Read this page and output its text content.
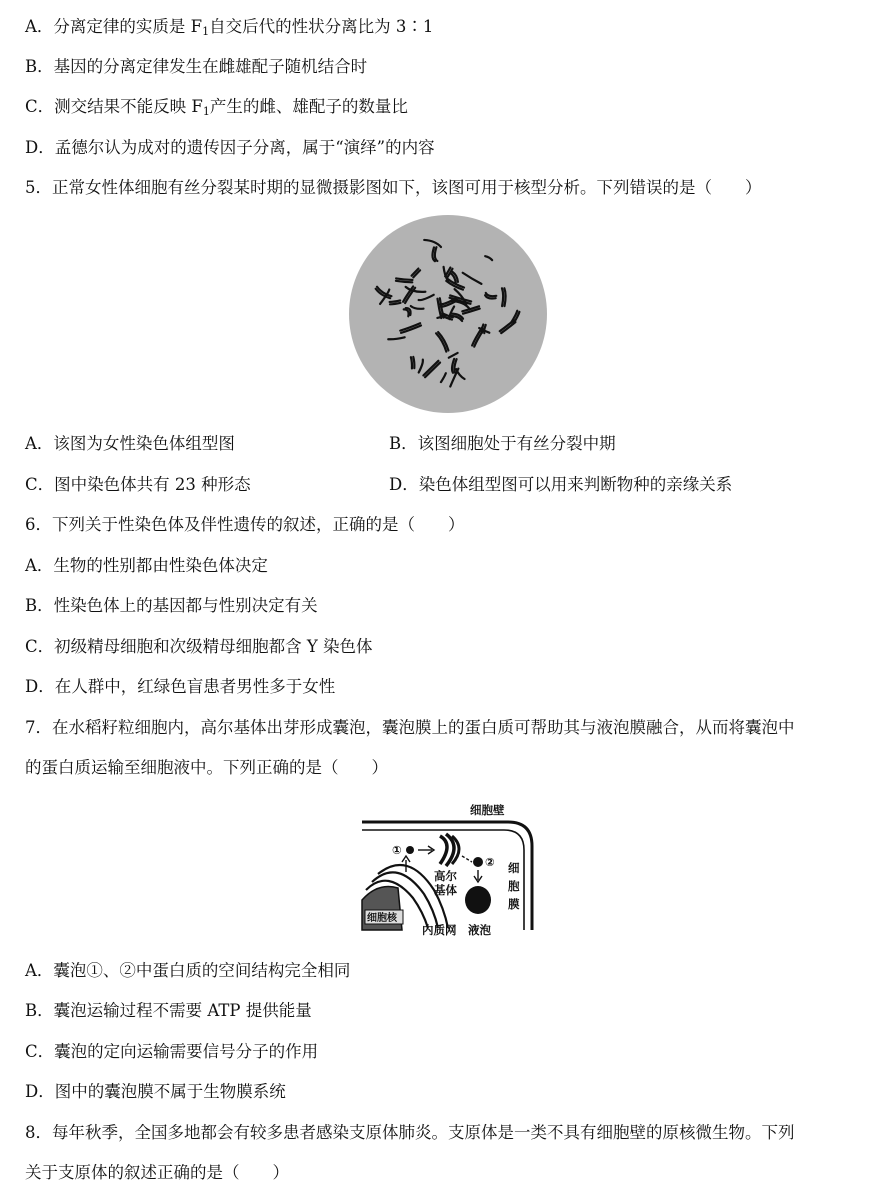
A．分离定律的实质是 $F_1$自交后代的性状分离比为 3∶1
B．基因的分离定律发生在雌雄配子随机结合时
C．测交结果不能反映 $F_1$产生的雌、雄配子的数量比
D．孟德尔认为成对的遗传因子分离，属于“演绎”的内容
5．正常女性体细胞有丝分裂某时期的显微摄影图如下，该图可用于核型分析。下列错误的是（　　）
A．该图为女性染色体组型图	B．该图细胞处于有丝分裂中期
C．图中染色体共有 23 种形态	D．染色体组型图可以用来判断物种的亲缘关系
6．下列关于性染色体及伴性遗传的叙述，正确的是（　　）
A．生物的性别都由性染色体决定
B．性染色体上的基因都与性别决定有关
C．初级精母细胞和次级精母细胞都含 Y 染色体
D．在人群中，红绿色盲患者男性多于女性
7．在水稻籽粒细胞内，高尔基体出芽形成囊泡，囊泡膜上的蛋白质可帮助其与液泡膜融合，从而将囊泡中
的蛋白质运输至细胞液中。下列正确的是（　　）
细胞壁
细胞核
内质网
①
高尔
基体
②
液泡
细
胞
膜
A．囊泡①、②中蛋白质的空间结构完全相同
B．囊泡运输过程不需要 ATP 提供能量
C．囊泡的定向运输需要信号分子的作用
D．图中的囊泡膜不属于生物膜系统
8．每年秋季，全国多地都会有较多患者感染支原体肺炎。支原体是一类不具有细胞壁的原核微生物。下列
关于支原体的叙述正确的是（　　）
